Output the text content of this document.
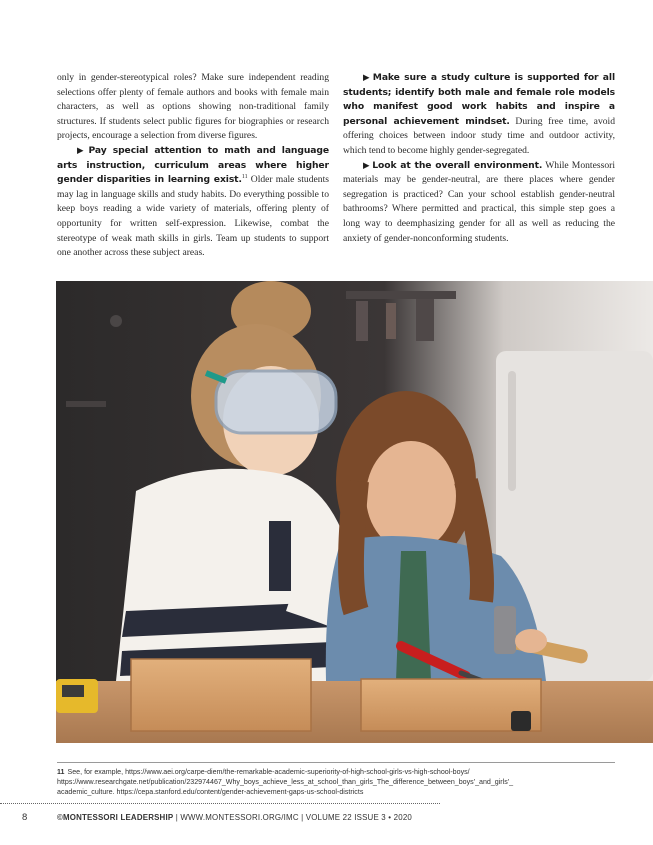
only in gender-stereotypical roles? Make sure independent reading selections offer plenty of female authors and books with female main characters, as well as options showing non-traditional family structures. If students select public figures for biographies or research projects, encourage a selection from diverse figures.

▶ Pay special attention to math and language arts instruction, curriculum areas where higher gender disparities in learning exist.$^{11}$ Older male students may lag in language skills and study habits. Do everything possible to keep boys reading a wide variety of materials, offering plenty of opportunity for written self-expression. Likewise, combat the stereotype of weak math skills in girls. Team up students to support one another across these subject areas.

▶ Make sure a study culture is supported for all students; identify both male and female role models who manifest good work habits and inspire a personal achievement mindset. During free time, avoid offering choices between indoor study time and outdoor activity, which tend to become highly gender-segregated.

▶ Look at the overall environment. While Montessori materials may be gender-neutral, are there places where gender segregation is practiced? Can your school establish gender-neutral bathrooms? Where permitted and practical, this simple step goes a long way to deemphasizing gender for all as well as reducing the anxiety of gender-nonconforming students.

11 See, for example, https://www.aei.org/carpe-diem/the-remarkable-academic-superiority-of-high-school-girls-vs-high-school-boys/

https://www.researchgate.net/publication/232974467_Why_boys_achieve_less_at_school_than_girls_The_difference_between_boys'_and_girls'_

academic_culture. https://cepa.stanford.edu/content/gender-achievement-gaps-us-school-districts

8	©MONTESSORI LEADERSHIP | WWW.MONTESSORI.ORG/IMC | VOLUME 22 ISSUE 3 • 2020
